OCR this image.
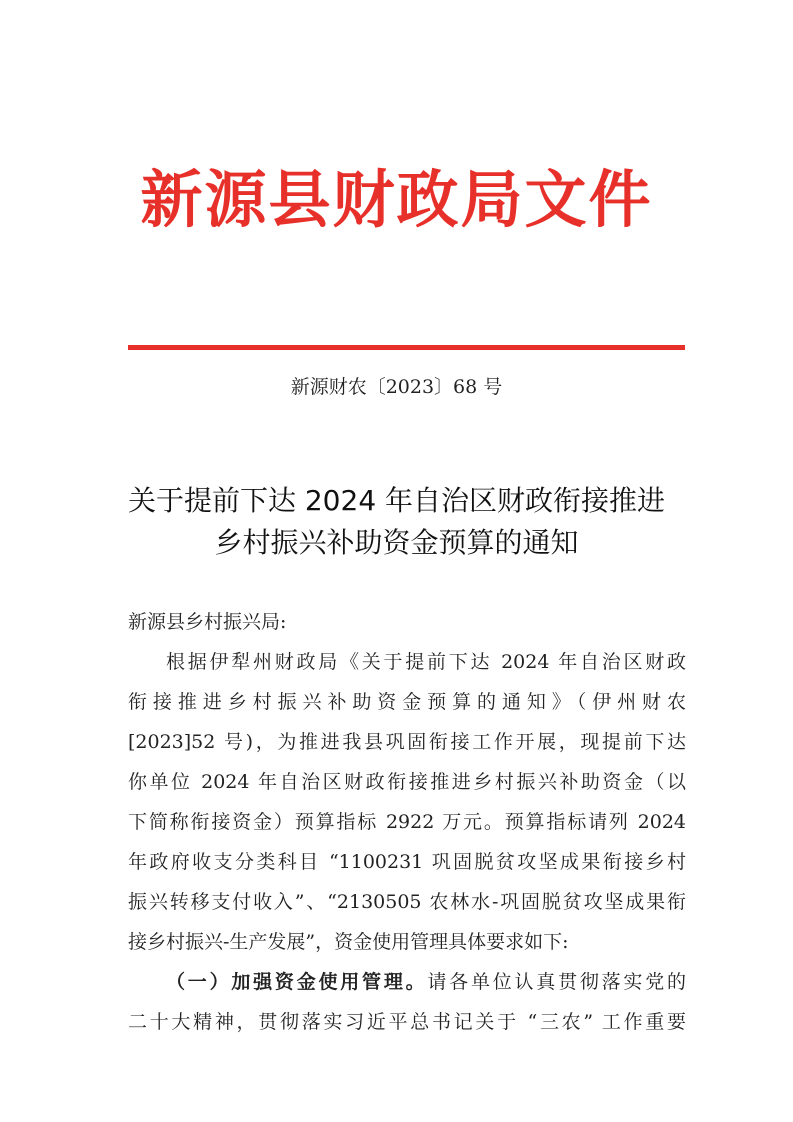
新源县财政局文件
新源财农〔2023〕68 号
关于提前下达 2024 年自治区财政衔接推进
乡村振兴补助资金预算的通知

新源县乡村振兴局:

根据伊犁州财政局《关于提前下达 2024 年自治区财政
衔接推进乡村振兴补助资金预算的通知》（伊州财农
[2023]52 号)，为推进我县巩固衔接工作开展，现提前下达
你单位 2024 年自治区财政衔接推进乡村振兴补助资金（以
下简称衔接资金）预算指标 2922 万元。预算指标请列 2024
年政府收支分类科目 “1100231 巩固脱贫攻坚成果衔接乡村
振兴转移支付收入”、“2130505 农林水-巩固脱贫攻坚成果衔
接乡村振兴-生产发展”，资金使用管理具体要求如下:
（一）加强资金使用管理。请各单位认真贯彻落实党的
二十大精神，贯彻落实习近平总书记关于 “三农” 工作重要
